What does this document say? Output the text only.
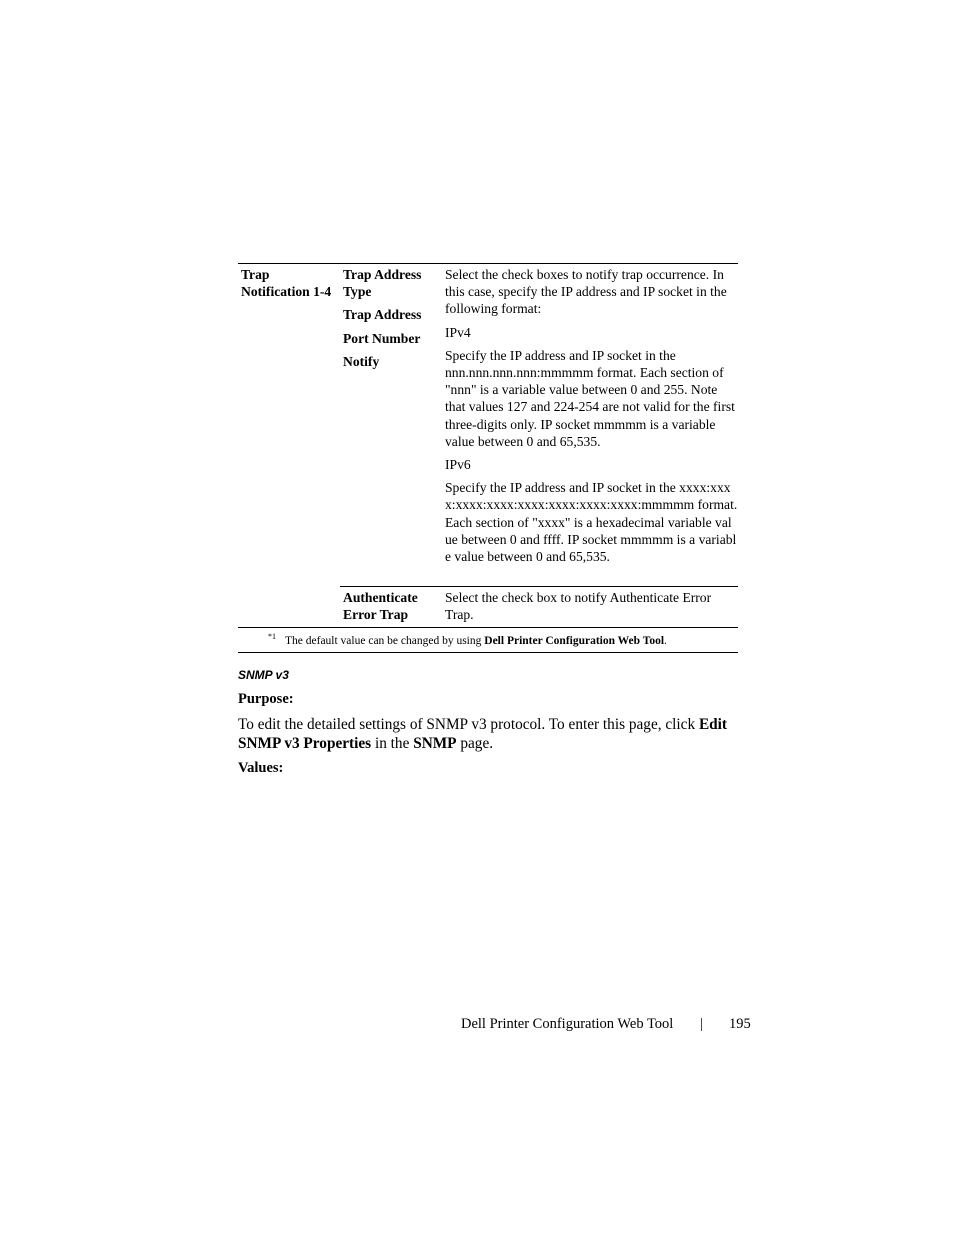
Trap
Notification 1-4
Trap Address Type
Trap Address
Port Number
Notify

Select the check boxes to notify trap occurrence. In this case, specify the IP address and IP socket in the following format:

IPv4

Specify the IP address and IP socket in the nnn.nnn.nnn.nnn:mmmmm format. Each section of "nnn" is a variable value between 0 and 255. Note that values 127 and 224-254 are not valid for the first three-digits only. IP socket mmmmm is a variable value between 0 and 65,535.

IPv6

Specify the IP address and IP socket in the xxxx:xxxx:xxxx:xxxx:xxxx:xxxx:xxxx:xxxx:mmmmm format. Each section of "xxxx" is a hexadecimal variable value between 0 and ffff. IP socket mmmmm is a variable value between 0 and 65,535.

Authenticate Error Trap
Select the check box to notify Authenticate Error Trap.
$^{*1}$ The default value can be changed by using Dell Printer Configuration Web Tool.
SNMP v3
Purpose:
To edit the detailed settings of SNMP v3 protocol. To enter this page, click Edit SNMP v3 Properties in the SNMP page.
Values:
Dell Printer Configuration Web Tool | 195
